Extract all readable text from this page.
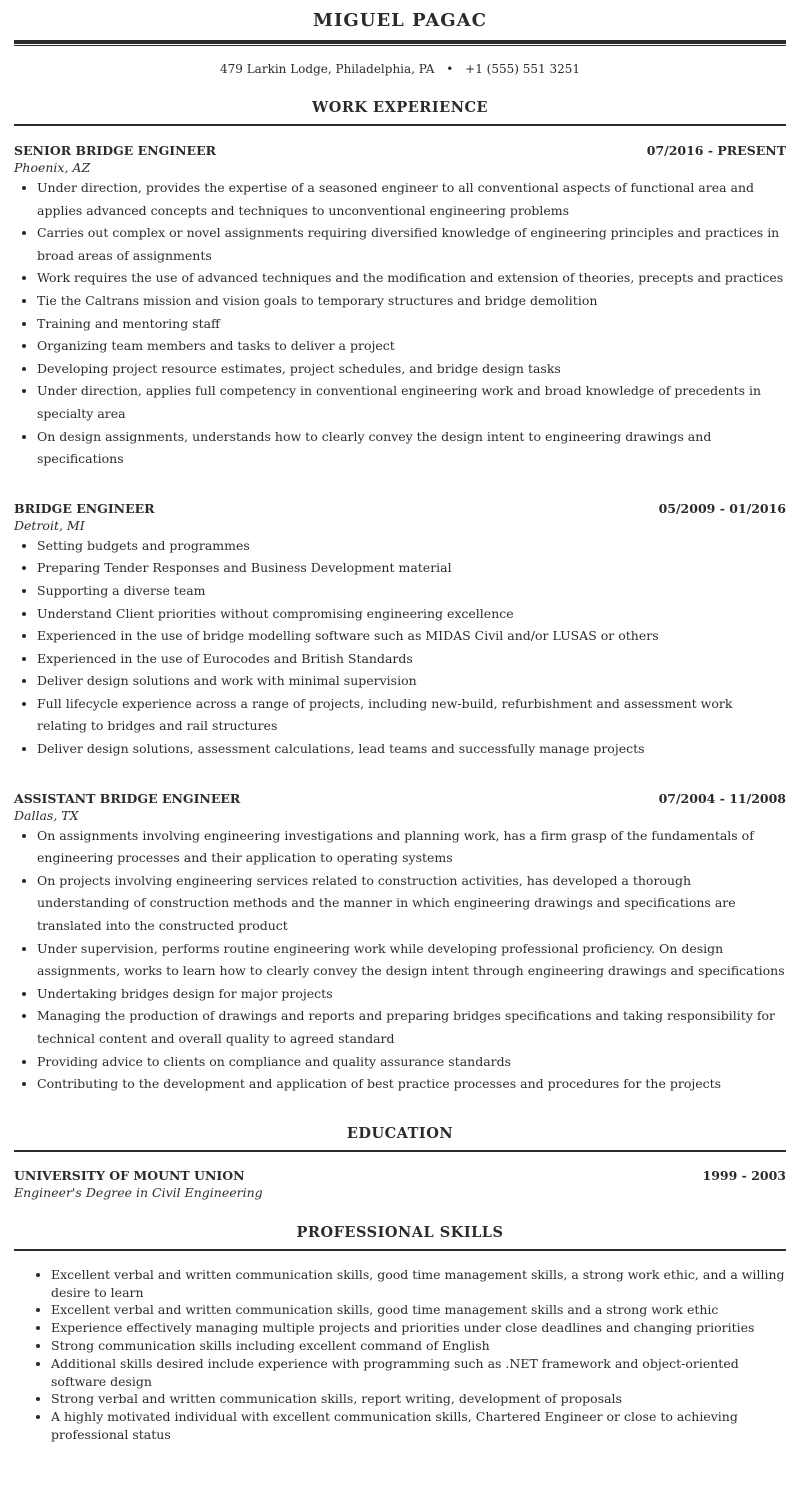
MIGUEL PAGAC
479 Larkin Lodge, Philadelphia, PA • +1 (555) 551 3251
WORK EXPERIENCE
SENIOR BRIDGE ENGINEER	07/2016 - PRESENT
Phoenix, AZ
• Under direction, provides the expertise of a seasoned engineer to all conventional aspects of functional area and applies advanced concepts and techniques to unconventional engineering problems
• Carries out complex or novel assignments requiring diversified knowledge of engineering principles and practices in broad areas of assignments
• Work requires the use of advanced techniques and the modification and extension of theories, precepts and practices
• Tie the Caltrans mission and vision goals to temporary structures and bridge demolition
• Training and mentoring staff
• Organizing team members and tasks to deliver a project
• Developing project resource estimates, project schedules, and bridge design tasks
• Under direction, applies full competency in conventional engineering work and broad knowledge of precedents in specialty area
• On design assignments, understands how to clearly convey the design intent to engineering drawings and specifications
BRIDGE ENGINEER	05/2009 - 01/2016
Detroit, MI
• Setting budgets and programmes
• Preparing Tender Responses and Business Development material
• Supporting a diverse team
• Understand Client priorities without compromising engineering excellence
• Experienced in the use of bridge modelling software such as MIDAS Civil and/or LUSAS or others
• Experienced in the use of Eurocodes and British Standards
• Deliver design solutions and work with minimal supervision
• Full lifecycle experience across a range of projects, including new-build, refurbishment and assessment work relating to bridges and rail structures
• Deliver design solutions, assessment calculations, lead teams and successfully manage projects
ASSISTANT BRIDGE ENGINEER	07/2004 - 11/2008
Dallas, TX
• On assignments involving engineering investigations and planning work, has a firm grasp of the fundamentals of engineering processes and their application to operating systems
• On projects involving engineering services related to construction activities, has developed a thorough understanding of construction methods and the manner in which engineering drawings and specifications are translated into the constructed product
• Under supervision, performs routine engineering work while developing professional proficiency. On design assignments, works to learn how to clearly convey the design intent through engineering drawings and specifications
• Undertaking bridges design for major projects
• Managing the production of drawings and reports and preparing bridges specifications and taking responsibility for technical content and overall quality to agreed standard
• Providing advice to clients on compliance and quality assurance standards
• Contributing to the development and application of best practice processes and procedures for the projects
EDUCATION
UNIVERSITY OF MOUNT UNION	1999 - 2003
Engineer's Degree in Civil Engineering
PROFESSIONAL SKILLS
• Excellent verbal and written communication skills, good time management skills, a strong work ethic, and a willing desire to learn
• Excellent verbal and written communication skills, good time management skills and a strong work ethic
• Experience effectively managing multiple projects and priorities under close deadlines and changing priorities
• Strong communication skills including excellent command of English
• Additional skills desired include experience with programming such as .NET framework and object-oriented software design
• Strong verbal and written communication skills, report writing, development of proposals
• A highly motivated individual with excellent communication skills, Chartered Engineer or close to achieving professional status
